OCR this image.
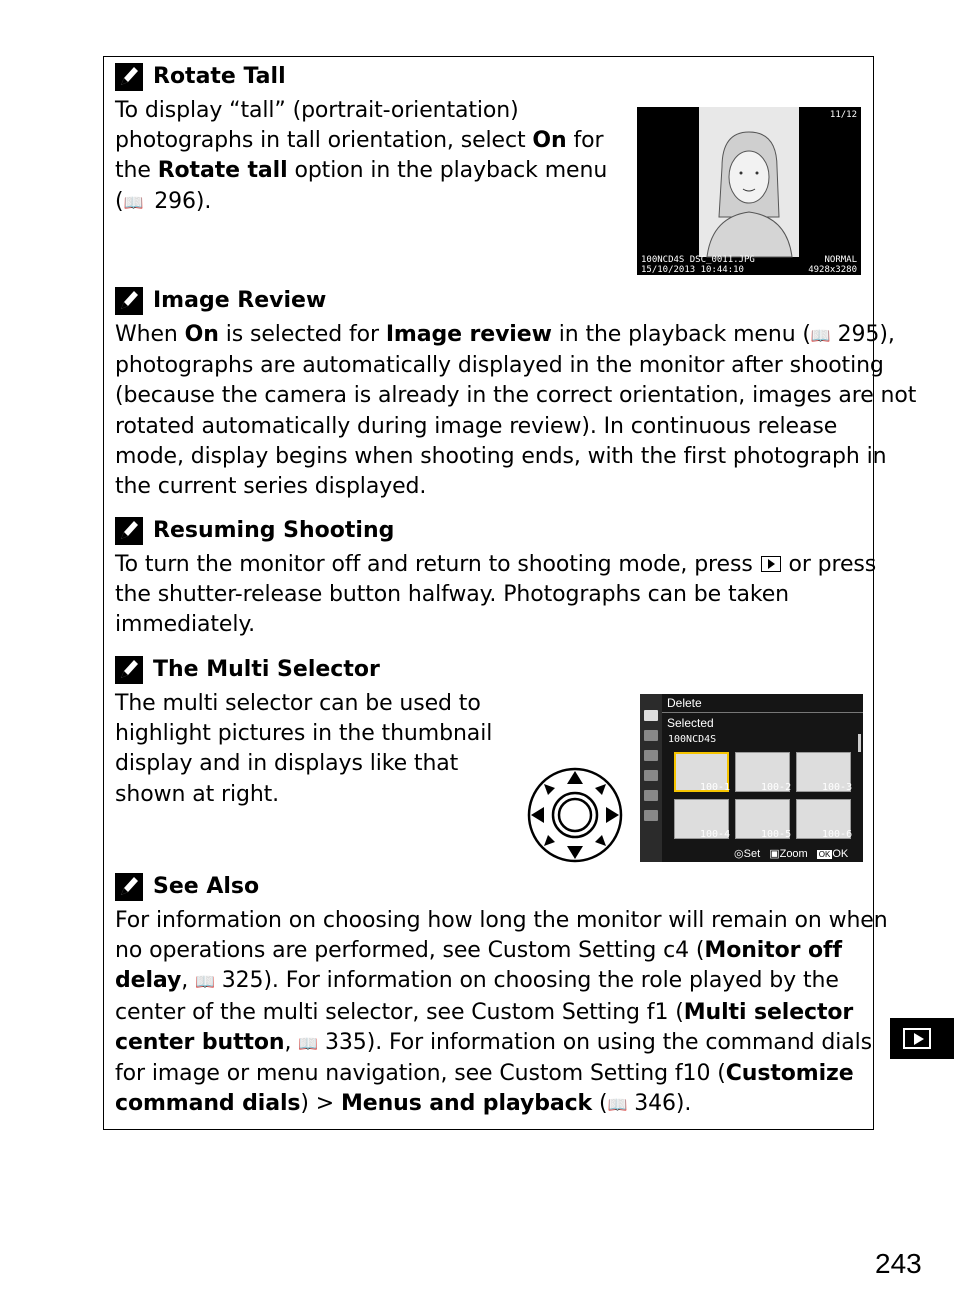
Rotate Tall
To display “tall” (portrait-orientation)
photographs in tall orientation, select On for
the Rotate tall option in the playback menu
(📖 296).
11/12
100NCD4S DSC_0011.JPG	NORMAL
15/10/2013 10:44:10	4928x3280
Image Review
When On is selected for Image review in the playback menu (📖 295),
photographs are automatically displayed in the monitor after shooting
(because the camera is already in the correct orientation, images are not
rotated automatically during image review). In continuous release
mode, display begins when shooting ends, with the first photograph in
the current series displayed.
Resuming Shooting
To turn the monitor off and return to shooting mode, press  or press
the shutter-release button halfway. Photographs can be taken
immediately.
The Multi Selector
The multi selector can be used to
highlight pictures in the thumbnail
display and in displays like that
shown at right.
Delete
Selected
100NCD4S
100-1	100-2	100-3
100-4	100-5	100-6
◎Set ▣Zoom OK OK
See Also
For information on choosing how long the monitor will remain on when
no operations are performed, see Custom Setting c4 (Monitor off
delay, 📖 325). For information on choosing the role played by the
center of the multi selector, see Custom Setting f1 (Multi selector
center button, 📖 335). For information on using the command dials
for image or menu navigation, see Custom Setting f10 (Customize
command dials) > Menus and playback (📖 346).
243
